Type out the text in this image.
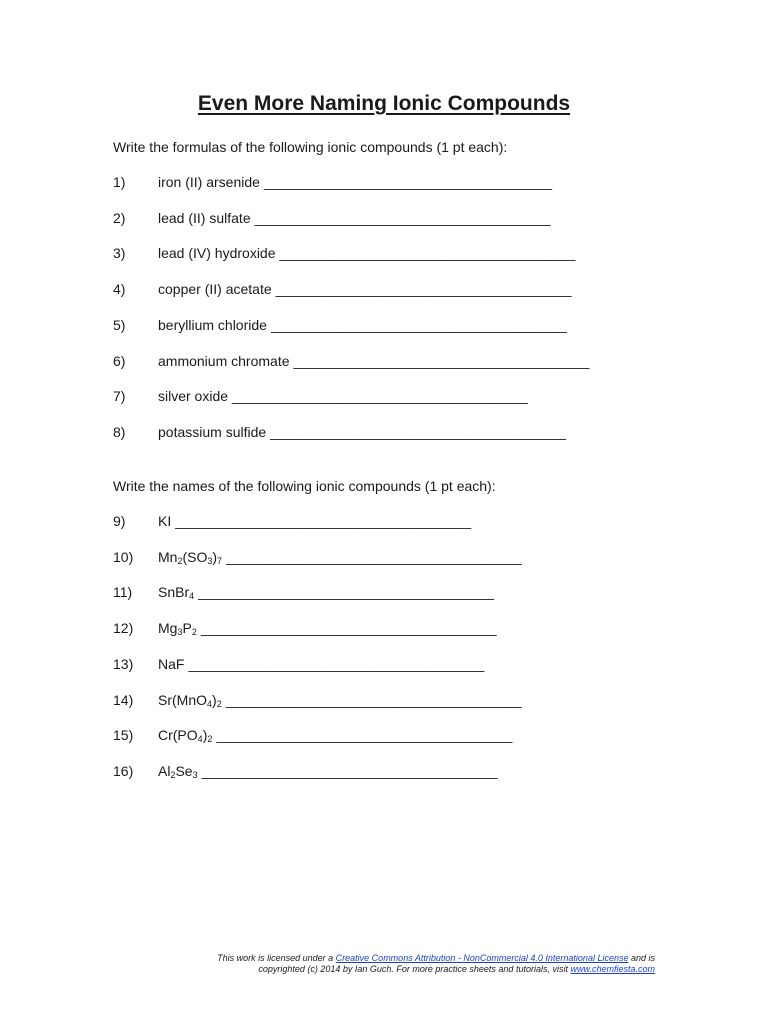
Even More Naming Ionic Compounds

Write the formulas of the following ionic compounds (1 pt each):

1) iron (II) arsenide _____________________________________
2) lead (II) sulfate ______________________________________
3) lead (IV) hydroxide ______________________________________
4) copper (II) acetate ______________________________________
5) beryllium chloride ______________________________________
6) ammonium chromate ______________________________________
7) silver oxide ______________________________________
8) potassium sulfide ______________________________________

Write the names of the following ionic compounds (1 pt each):

9) KI ______________________________________
10) $Mn_2(SO_3)_7$ ______________________________________
11) SnBr$_4$ ______________________________________
12) $Mg_3P_2$ ______________________________________
13) NaF ______________________________________
14) $Sr(MnO_4)_2$ ______________________________________
15) $Cr(PO_4)_2$ ______________________________________
16) $Al_2Se_3$ ______________________________________

This work is licensed under a Creative Commons Attribution - NonCommercial 4.0 International License and is
copyrighted (c) 2014 by Ian Guch. For more practice sheets and tutorials, visit www.chemfiesta.com
